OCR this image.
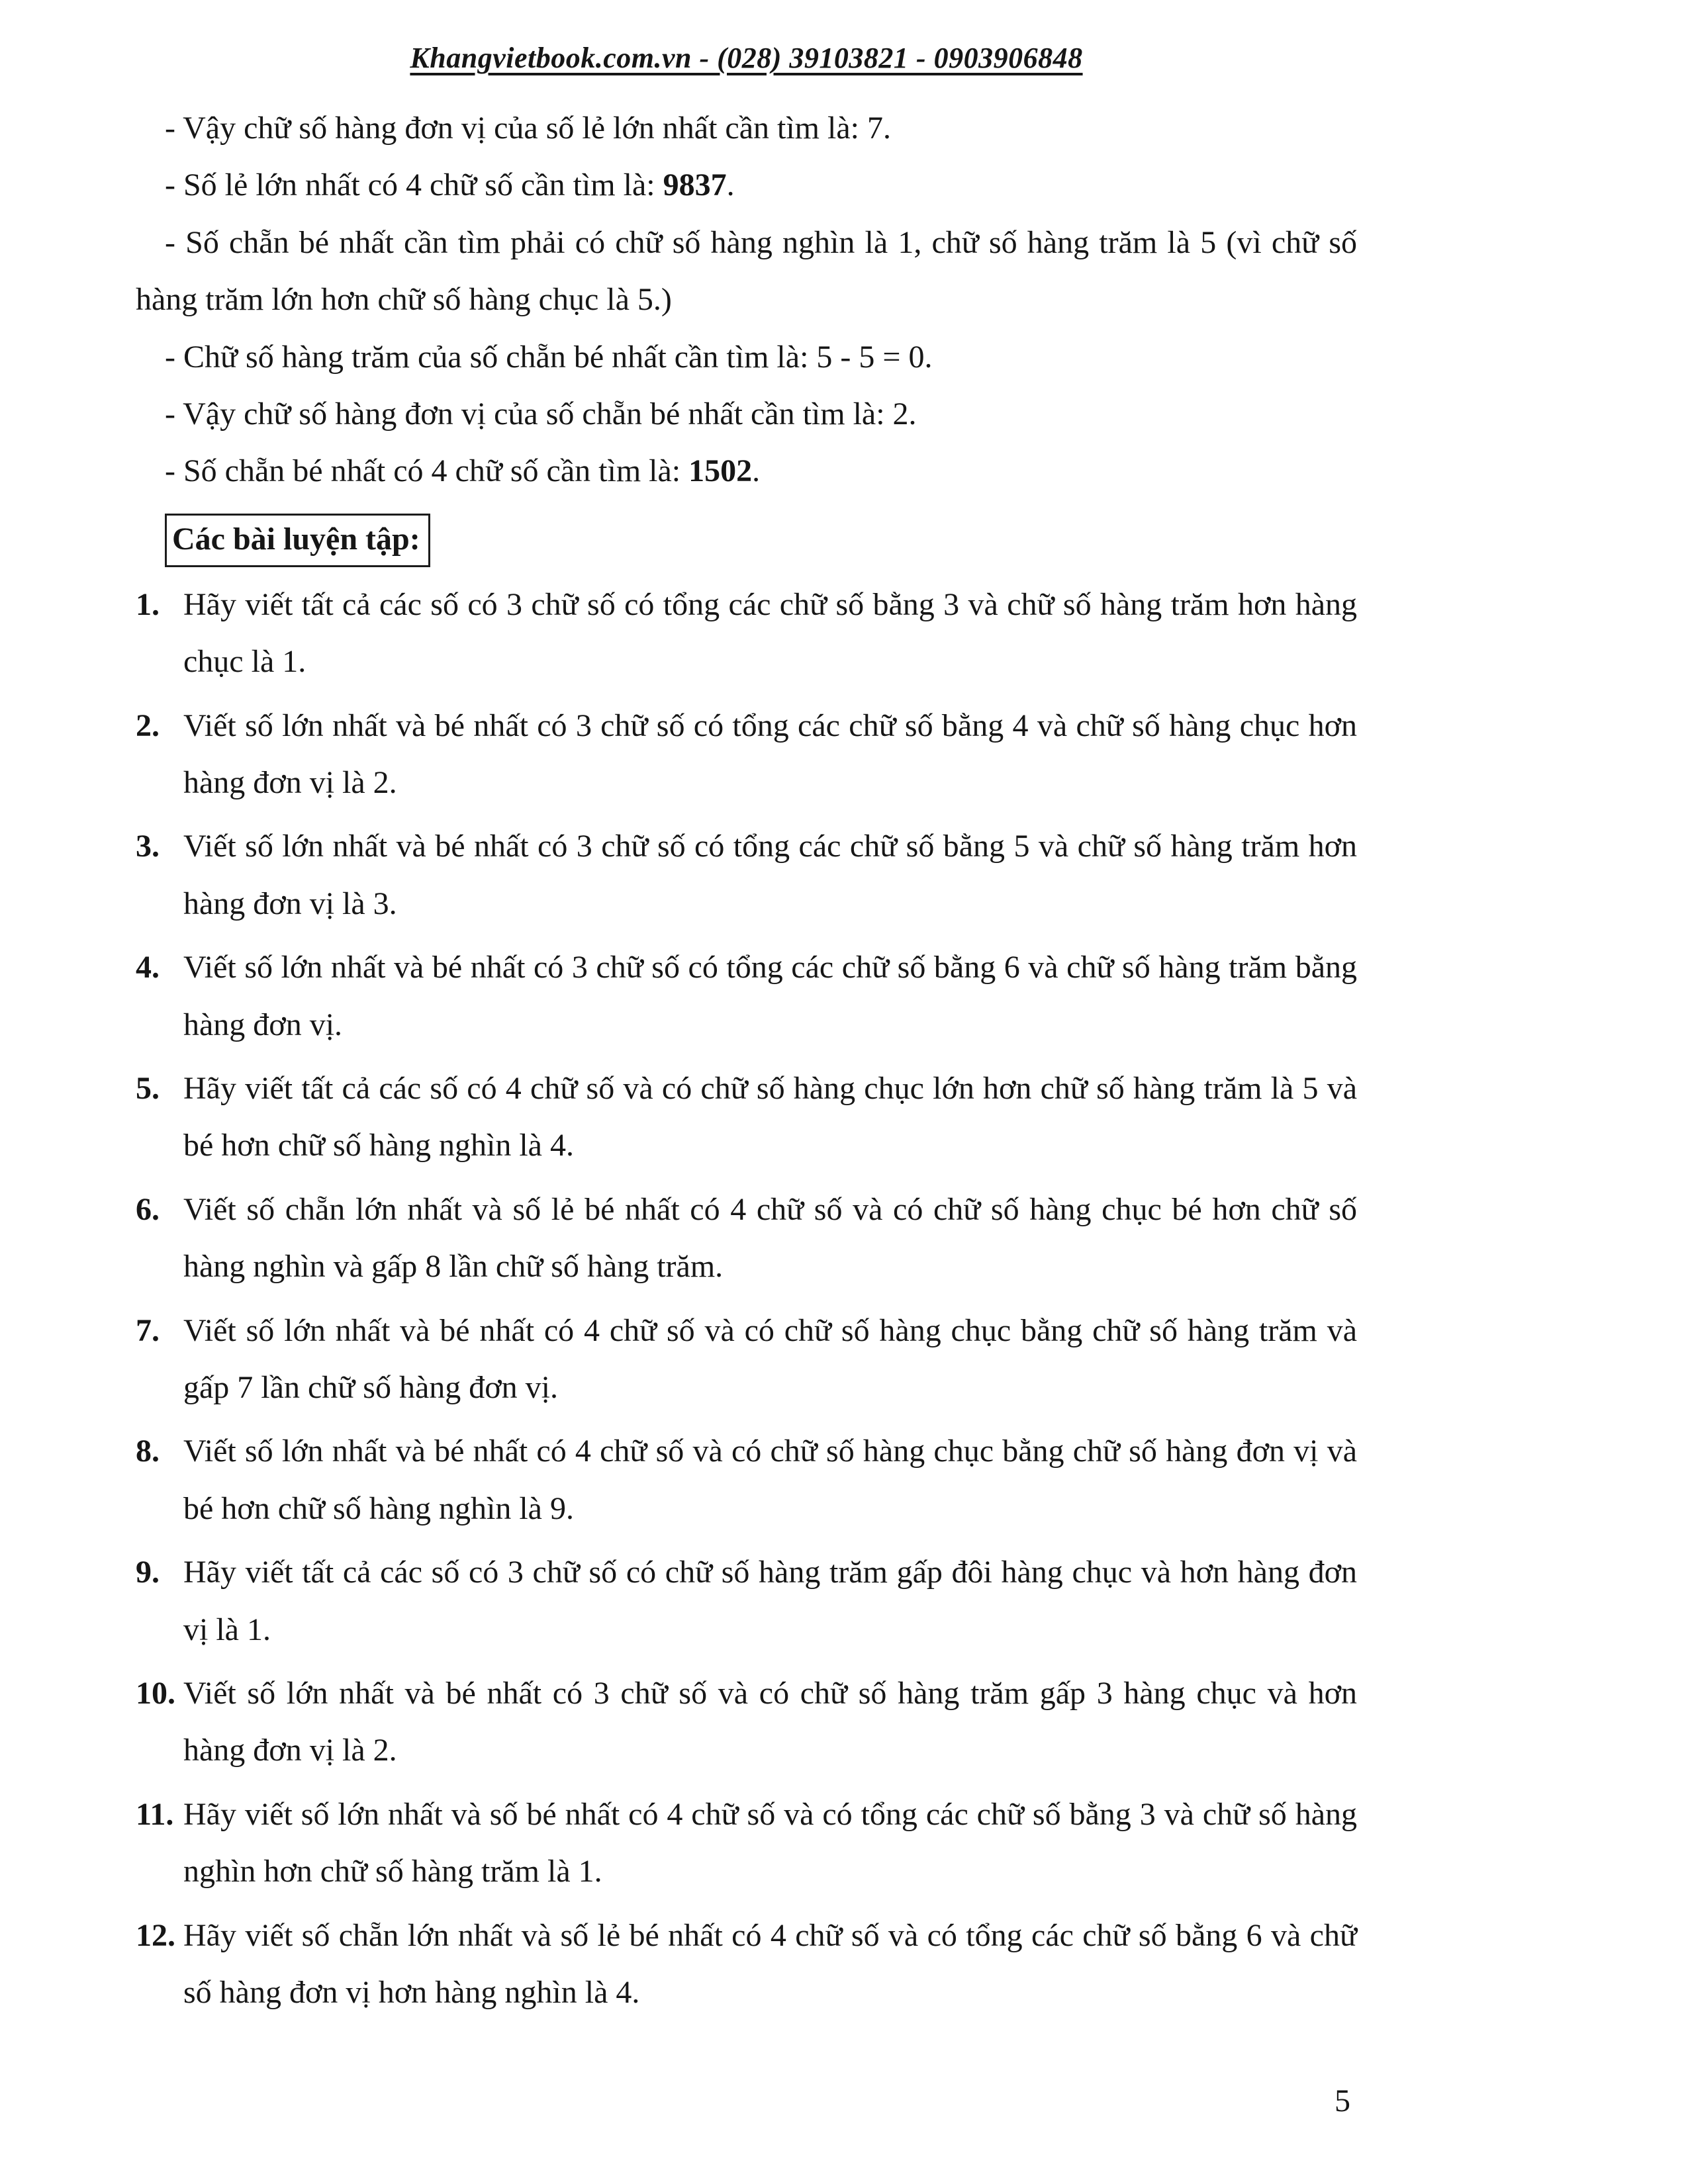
Khangvietbook.com.vn - (028) 39103821 - 0903906848

- Vậy chữ số hàng đơn vị của số lẻ lớn nhất cần tìm là: 7.

- Số lẻ lớn nhất có 4 chữ số cần tìm là: 9837.

- Số chẵn bé nhất cần tìm phải có chữ số hàng nghìn là 1, chữ số hàng trăm là 5 (vì chữ số hàng trăm lớn hơn chữ số hàng chục là 5.)

- Chữ số hàng trăm của số chẵn bé nhất cần tìm là: 5 - 5 = 0.

- Vậy chữ số hàng đơn vị của số chẵn bé nhất cần tìm là: 2.

- Số chẵn bé nhất có 4 chữ số cần tìm là: 1502.

Các bài luyện tập:
1. Hãy viết tất cả các số có 3 chữ số có tổng các chữ số bằng 3 và chữ số hàng trăm hơn hàng chục là 1.
2. Viết số lớn nhất và bé nhất có 3 chữ số có tổng các chữ số bằng 4 và chữ số hàng chục hơn hàng đơn vị là 2.
3. Viết số lớn nhất và bé nhất có 3 chữ số có tổng các chữ số bằng 5 và chữ số hàng trăm hơn hàng đơn vị là 3.
4. Viết số lớn nhất và bé nhất có 3 chữ số có tổng các chữ số bằng 6 và chữ số hàng trăm bằng hàng đơn vị.
5. Hãy viết tất cả các số có 4 chữ số và có chữ số hàng chục lớn hơn chữ số hàng trăm là 5 và bé hơn chữ số hàng nghìn là 4.
6. Viết số chẵn lớn nhất và số lẻ bé nhất có 4 chữ số và có chữ số hàng chục bé hơn chữ số hàng nghìn và gấp 8 lần chữ số hàng trăm.
7. Viết số lớn nhất và bé nhất có 4 chữ số và có chữ số hàng chục bằng chữ số hàng trăm và gấp 7 lần chữ số hàng đơn vị.
8. Viết số lớn nhất và bé nhất có 4 chữ số và có chữ số hàng chục bằng chữ số hàng đơn vị và bé hơn chữ số hàng nghìn là 9.
9. Hãy viết tất cả các số có 3 chữ số có chữ số hàng trăm gấp đôi hàng chục và hơn hàng đơn vị là 1.
10. Viết số lớn nhất và bé nhất có 3 chữ số và có chữ số hàng trăm gấp 3 hàng chục và hơn hàng đơn vị là 2.
11. Hãy viết số lớn nhất và số bé nhất có 4 chữ số và có tổng các chữ số bằng 3 và chữ số hàng nghìn hơn chữ số hàng trăm là 1.
12. Hãy viết số chẵn lớn nhất và số lẻ bé nhất có 4 chữ số và có tổng các chữ số bằng 6 và chữ số hàng đơn vị hơn hàng nghìn là 4.
5
